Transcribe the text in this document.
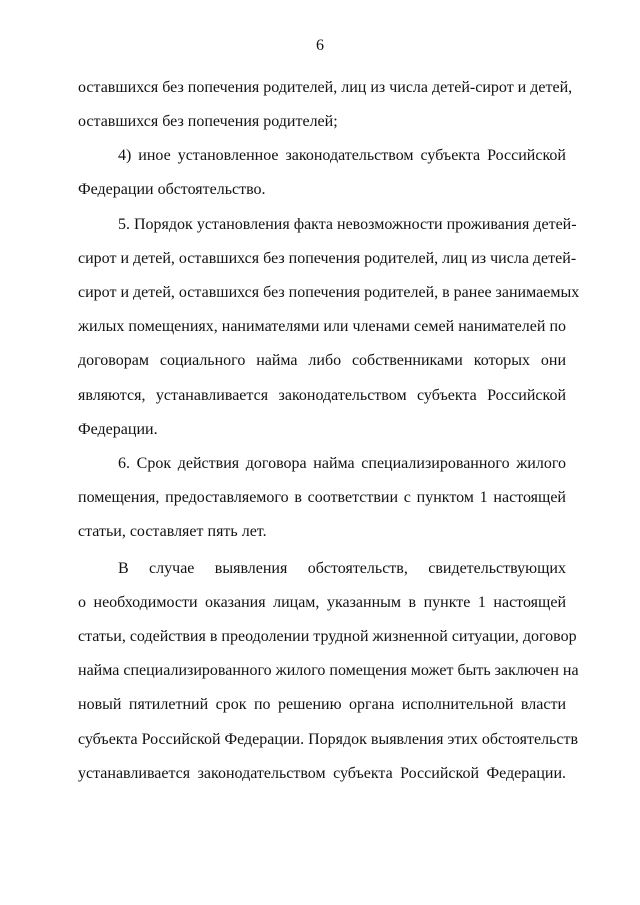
6
оставшихся без попечения родителей, лиц из числа детей-сирот и детей,
оставшихся без попечения родителей;
4) иное установленное законодательством субъекта Российской
Федерации обстоятельство.
5. Порядок установления факта невозможности проживания детей-
сирот и детей, оставшихся без попечения родителей, лиц из числа детей-
сирот и детей, оставшихся без попечения родителей, в ранее занимаемых
жилых помещениях, нанимателями или членами семей нанимателей по
договорам социального найма либо собственниками которых они
являются, устанавливается законодательством субъекта Российской
Федерации.
6. Срок действия договора найма специализированного жилого
помещения, предоставляемого в соответствии с пунктом 1 настоящей
статьи, составляет пять лет.
В случае выявления обстоятельств, свидетельствующих
о необходимости оказания лицам, указанным в пункте 1 настоящей
статьи, содействия в преодолении трудной жизненной ситуации, договор
найма специализированного жилого помещения может быть заключен на
новый пятилетний срок по решению органа исполнительной власти
субъекта Российской Федерации. Порядок выявления этих обстоятельств
устанавливается законодательством субъекта Российской Федерации.
